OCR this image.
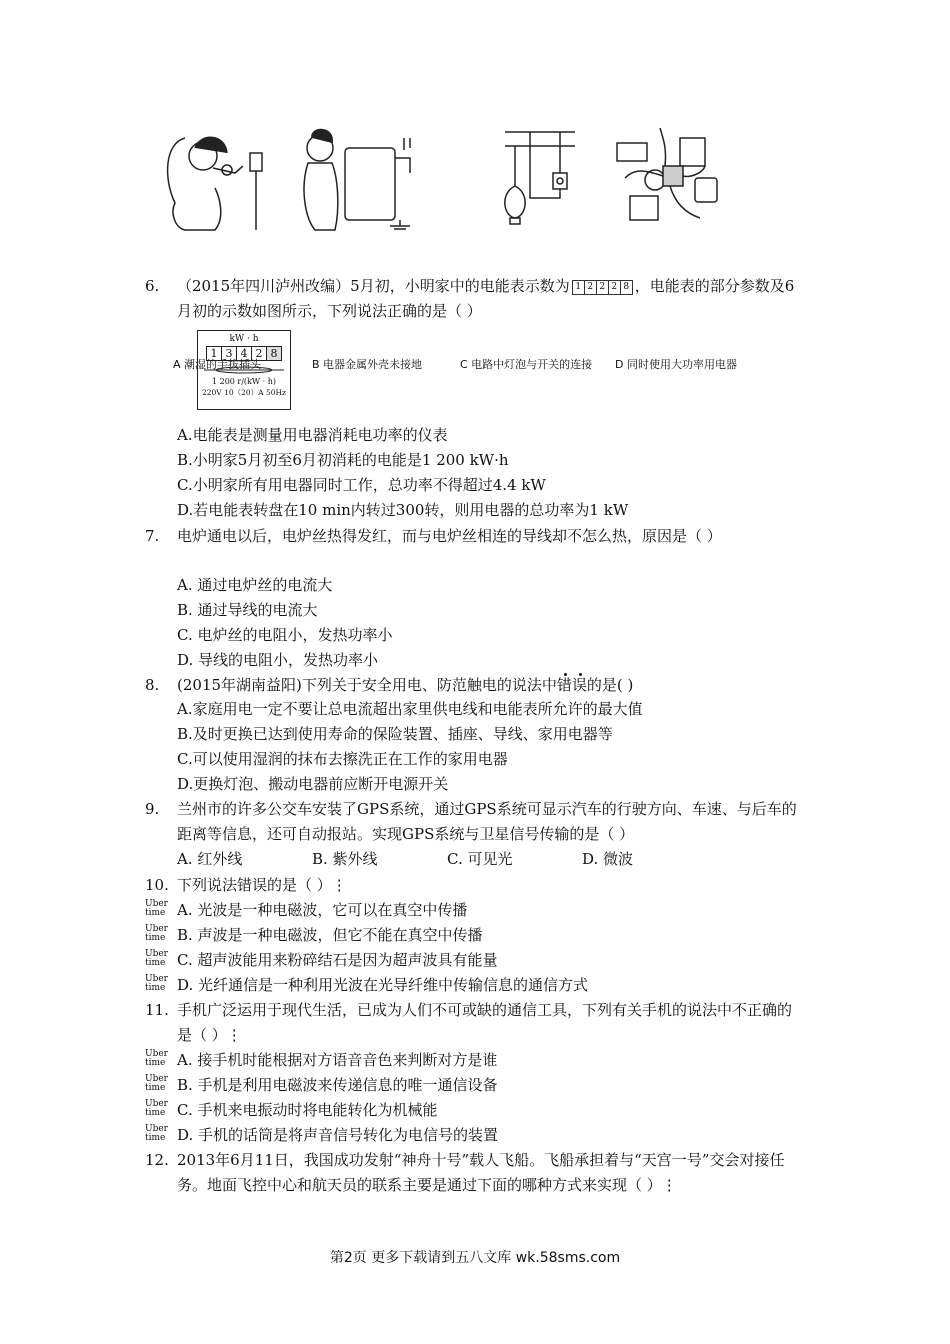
A 潮湿的手拔插头	B 电器金属外壳未接地	C 电路中灯泡与开关的连接 D 同时使用大功率用电器
6. （2015年四川泸州改编）5月初，小明家中的电能表示数为 1 2 2 2 8 ，电能表的部分参数及6月初的示数如图所示，下列说法正确的是（ ）
kW · h
1 3 4 2 8
1 200 r/(kW · h)
220V 10（20）A 50Hz
A.电能表是测量用电器消耗电功率的仪表
B.小明家5月初至6月初消耗的电能是1 200 kW·h
C.小明家所有用电器同时工作，总功率不得超过4.4 kW
D.若电能表转盘在10 min内转过300转，则用电器的总功率为1 kW
7. 电炉通电以后，电炉丝热得发红，而与电炉丝相连的导线却不怎么热，原因是（ ）
A. 通过电炉丝的电流大
B. 通过导线的电流大
C. 电炉丝的电阻小，发热功率小
D. 导线的电阻小，发热功率小
8. (2015年湖南益阳)下列关于安全用电、防范触电的说法中错误的是( )
A.家庭用电一定不要让总电流超出家里供电线和电能表所允许的最大值
B.及时更换已达到使用寿命的保险装置、插座、导线、家用电器等
C.可以使用湿润的抹布去擦洗正在工作的家用电器
D.更换灯泡、搬动电器前应断开电源开关
9. 兰州市的许多公交车安装了GPS系统，通过GPS系统可显示汽车的行驶方向、车速、与后车的距离等信息，还可自动报站。实现GPS系统与卫星信号传输的是（ ）
A. 红外线	B. 紫外线	C. 可见光	D. 微波
10. 下列说法错误的是（ ）⋮
Uber
time A. 光波是一种电磁波，它可以在真空中传播
Uber
time B. 声波是一种电磁波，但它不能在真空中传播
Uber
time C. 超声波能用来粉碎结石是因为超声波具有能量
Uber
time D. 光纤通信是一种利用光波在光导纤维中传输信息的通信方式
11. 手机广泛运用于现代生活，已成为人们不可或缺的通信工具，下列有关手机的说法中不正确的是（ ）⋮
Uber
time A. 接手机时能根据对方语音音色来判断对方是谁
Uber
time B. 手机是利用电磁波来传递信息的唯一通信设备
Uber
time C. 手机来电振动时将电能转化为机械能
Uber
time D. 手机的话筒是将声音信号转化为电信号的装置
12. 2013年6月11日，我国成功发射“神舟十号”载人飞船。飞船承担着与“天宫一号”交会对接任务。地面飞控中心和航天员的联系主要是通过下面的哪种方式来实现（ ）⋮
第2页 更多下载请到五八文库 wk.58sms.com
